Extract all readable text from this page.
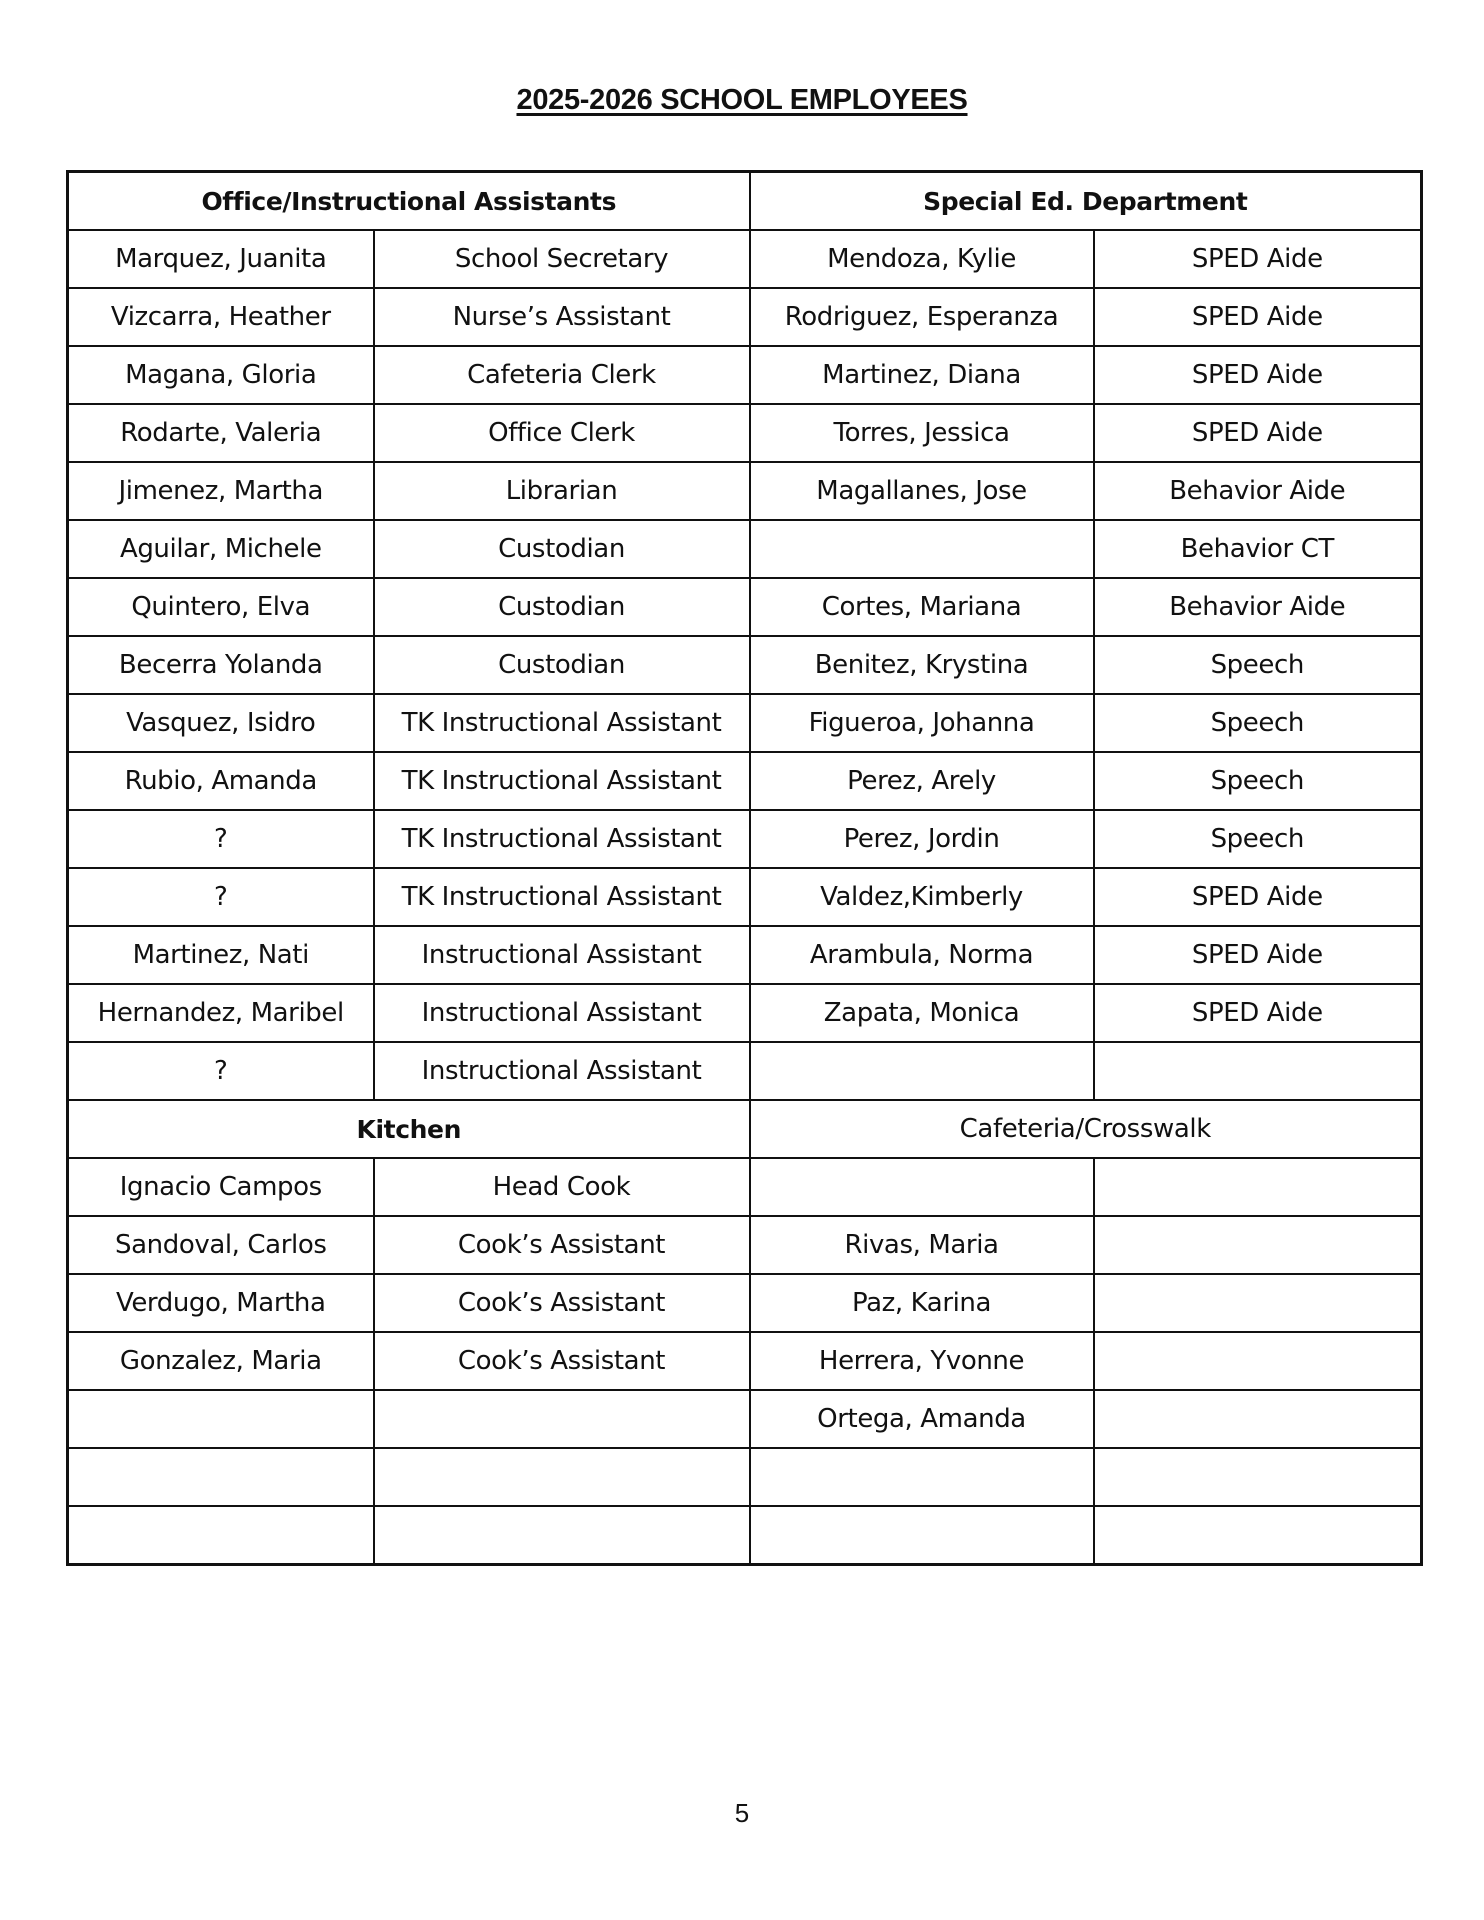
2025-2026 SCHOOL EMPLOYEES
Office/Instructional Assistants		Special Ed. Department	
Marquez, Juanita	School Secretary	Mendoza, Kylie	SPED Aide
Vizcarra, Heather	Nurse’s Assistant	Rodriguez, Esperanza	SPED Aide
Magana, Gloria	Cafeteria Clerk	Martinez, Diana	SPED Aide
Rodarte, Valeria	Office Clerk	Torres, Jessica	SPED Aide
Jimenez, Martha	Librarian	Magallanes, Jose	Behavior Aide
Aguilar, Michele	Custodian		Behavior CT
Quintero, Elva	Custodian	Cortes, Mariana	Behavior Aide
Becerra Yolanda	Custodian	Benitez, Krystina	Speech
Vasquez, Isidro	TK Instructional Assistant	Figueroa, Johanna	Speech
Rubio, Amanda	TK Instructional Assistant	Perez, Arely	Speech
?	TK Instructional Assistant	Perez, Jordin	Speech
?	TK Instructional Assistant	Valdez,Kimberly	SPED Aide
Martinez, Nati	Instructional Assistant	Arambula, Norma	SPED Aide
Hernandez, Maribel	Instructional Assistant	Zapata, Monica	SPED Aide
?	Instructional Assistant		
Kitchen		Cafeteria/Crosswalk	
Ignacio Campos	Head Cook		
Sandoval, Carlos	Cook’s Assistant	Rivas, Maria	
Verdugo, Martha	Cook’s Assistant	Paz, Karina	
Gonzalez, Maria	Cook’s Assistant	Herrera, Yvonne	
		Ortega, Amanda	

5
